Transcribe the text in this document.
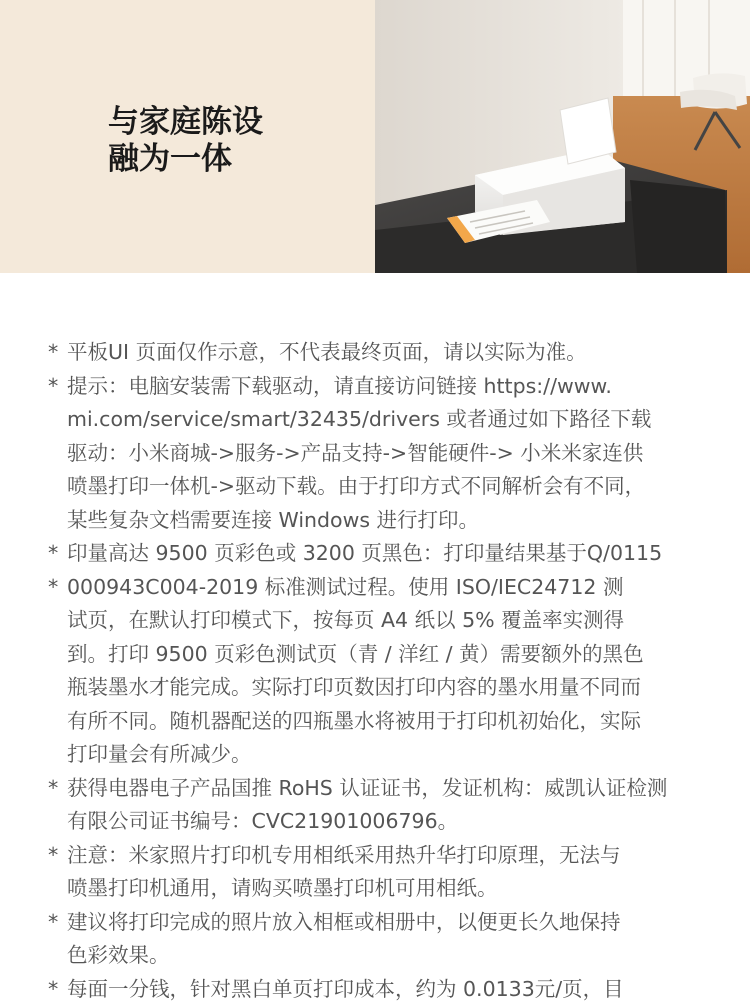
与家庭陈设
融为一体
* 平板UI 页面仅作示意，不代表最终页面，请以实际为准。
* 提示：电脑安装需下载驱动，请直接访问链接 https://www.
mi.com/service/smart/32435/drivers 或者通过如下路径下载
驱动：小米商城->服务->产品支持->智能硬件-> 小米米家连供
喷墨打印一体机->驱动下载。由于打印方式不同解析会有不同，
某些复杂文档需要连接 Windows 进行打印。
* 印量高达 9500 页彩色或 3200 页黑色：打印量结果基于Q/0115
* 000943C004-2019 标准测试过程。使用 ISO/IEC24712 测
试页，在默认打印模式下，按每页 A4 纸以 5% 覆盖率实测得
到。打印 9500 页彩色测试页（青 / 洋红 / 黄）需要额外的黑色
瓶装墨水才能完成。实际打印页数因打印内容的墨水用量不同而
有所不同。随机器配送的四瓶墨水将被用于打印机初始化，实际
打印量会有所减少。
* 获得电器电子产品国推 RoHS 认证证书，发证机构：威凯认证检测
有限公司证书编号：CVC21901006796。
* 注意：米家照片打印机专用相纸采用热升华打印原理，无法与
喷墨打印机通用，请购买喷墨打印机可用相纸。
* 建议将打印完成的照片放入相框或相册中，以便更长久地保持
色彩效果。
* 每面一分钱，针对黑白单页打印成本，约为 0.0133元/页，目
